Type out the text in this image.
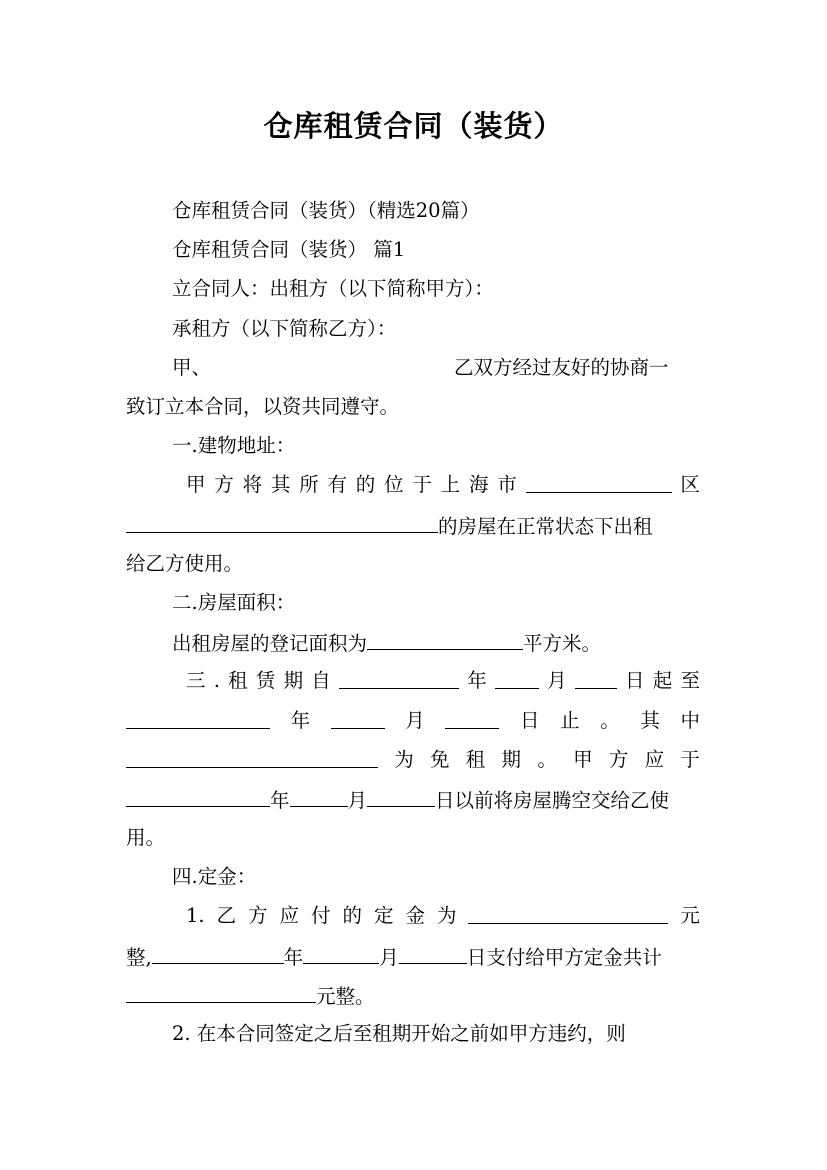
仓库租赁合同（装货）
仓库租赁合同（装货）（精选20篇）
仓库租赁合同（装货） 篇1
立合同人：出租方（以下简称甲方）：
承租方（以下简称乙方）：
甲、	乙双方经过友好的协商一
致订立本合同，以资共同遵守。
一.建物地址：
甲 方 将 其 所 有 的 位 于 上 海 市	区
的房屋在正常状态下出租
给乙方使用。
二.房屋面积：
出租房屋的登记面积为	平方米。
三 . 租 赁 期 自	年	月	日 起 至
年	月	日 止 。 其 中
为 免 租 期 。 甲 方 应 于
年	月	日以前将房屋腾空交给乙使
用。
四.定金：
1. 乙 方 应 付 的 定 金 为	元
整,	年	月	日支付给甲方定金共计
元整。
2. 在本合同签定之后至租期开始之前如甲方违约，则
